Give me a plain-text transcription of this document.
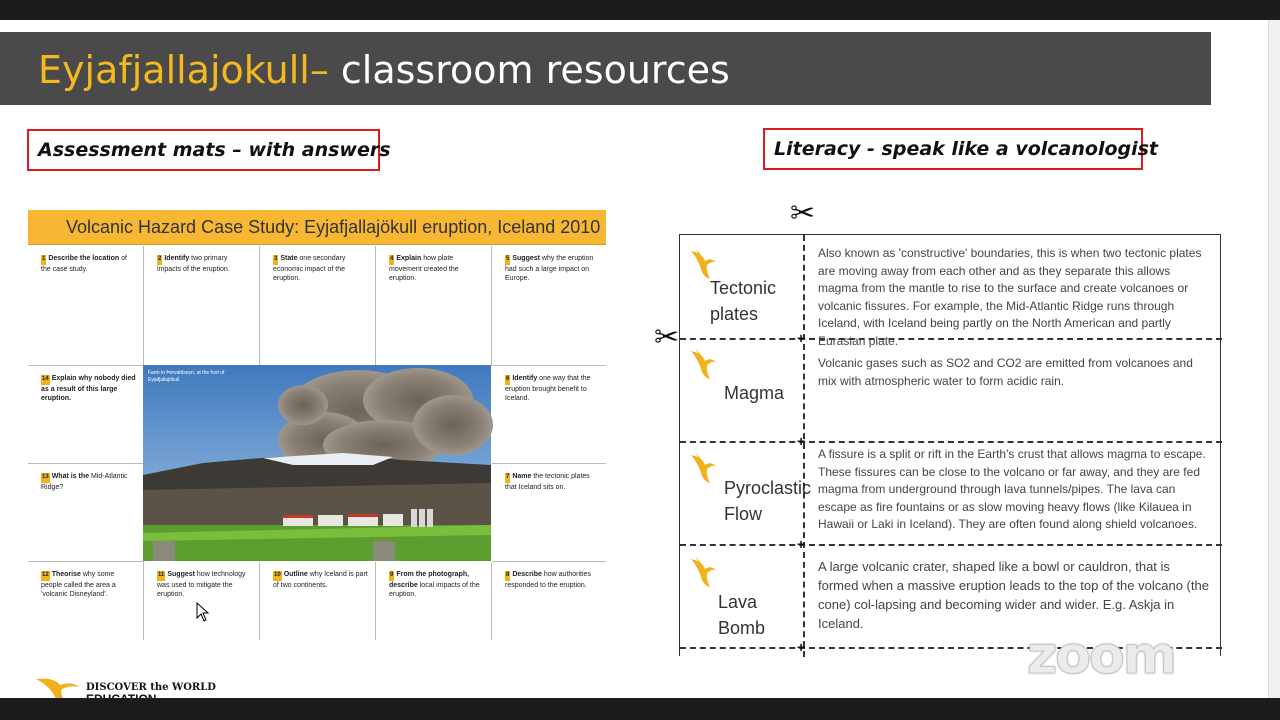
Eyjafjallajokull– classroom resources
Assessment mats – with answers	Literacy - speak like a volcanologist
Volcanic Hazard Case Study: Eyjafjallajökull eruption, Iceland 2010
1 Describe the location of the case study.
2 Identify two primary impacts of the eruption.
3 State one secondary economic impact of the eruption.
4 Explain how plate movement created the eruption.
5 Suggest why the eruption had such a large impact on Europe.
14 Explain why nobody died as a result of this large eruption.
6 Identify one way that the eruption brought benefit to Iceland.
13 What is the Mid-Atlantic Ridge?
7 Name the tectonic plates that Iceland sits on.
12 Theorise why some people called the area a 'volcanic Disneyland'.
11 Suggest how technology was used to mitigate the eruption.
10 Outline why Iceland is part of two continents.
9 From the photograph, describe local impacts of the eruption.
8 Describe how authorities responded to the eruption.
Farm in Þorvaldseyri, at the foot of Eyjafjallajökull
✂
✂	+
+
+
+
Tectonic plates
Also known as 'constructive' boundaries, this is when two tectonic plates are moving away from each other and as they separate this allows magma from the mantle to rise to the surface and create volcanoes or volcanic fissures. For example, the Mid-Atlantic Ridge runs through Iceland, with Iceland being partly on the North American and partly Eurasian plate.
Magma
Volcanic gases such as SO2 and CO2 are emitted from volcanoes and mix with atmospheric water to form acidic rain.
Pyroclastic Flow
A fissure is a split or rift in the Earth's crust that allows magma to escape. These fissures can be close to the volcano or far away, and they are fed magma from underground through lava tunnels/pipes. The lava can escape as fire fountains or as slow moving heavy flows (like Kilauea in Hawaii or Laki in Iceland). They are often found along shield volcanoes.
Lava Bomb
A large volcanic crater, shaped like a bowl or cauldron, that is formed when a massive eruption leads to the top of the volcano (the cone) col-lapsing and becoming wider and wider. E.g. Askja in Iceland.
DISCOVER the WORLD
zoom
